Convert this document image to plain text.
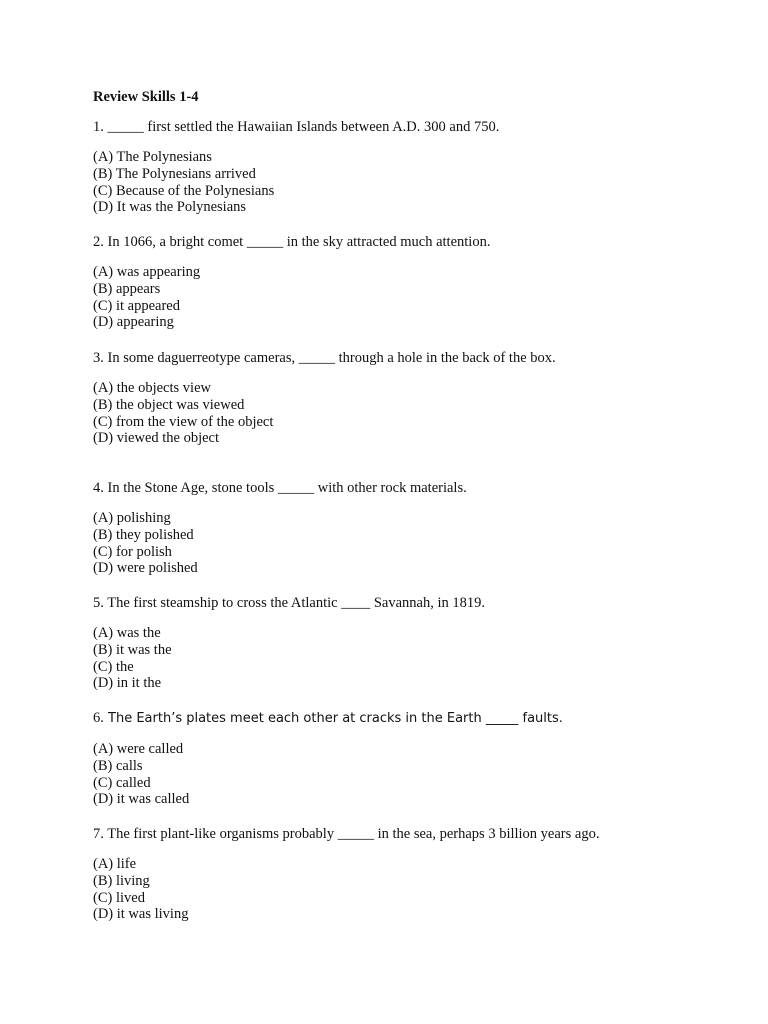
Review Skills 1-4

1. _____ first settled the Hawaiian Islands between A.D. 300 and 750.

(A) The Polynesians

(B) The Polynesians arrived

(C) Because of the Polynesians

(D) It was the Polynesians

2. In 1066, a bright comet _____ in the sky attracted much attention.

(A) was appearing

(B) appears

(C) it appeared

(D) appearing

3. In some daguerreotype cameras, _____ through a hole in the back of the box.

(A) the objects view

(B) the object was viewed

(C) from the view of the object

(D) viewed the object

4. In the Stone Age, stone tools _____ with other rock materials.

(A) polishing

(B) they polished

(C) for polish

(D) were polished

5. The first steamship to cross the Atlantic ____ Savannah, in 1819.

(A) was the

(B) it was the

(C) the

(D) in it the

6. The Earth’s plates meet each other at cracks in the Earth _____ faults.

(A) were called

(B) calls

(C) called

(D) it was called

7. The first plant-like organisms probably _____ in the sea, perhaps 3 billion years ago.

(A) life

(B) living

(C) lived

(D) it was living
